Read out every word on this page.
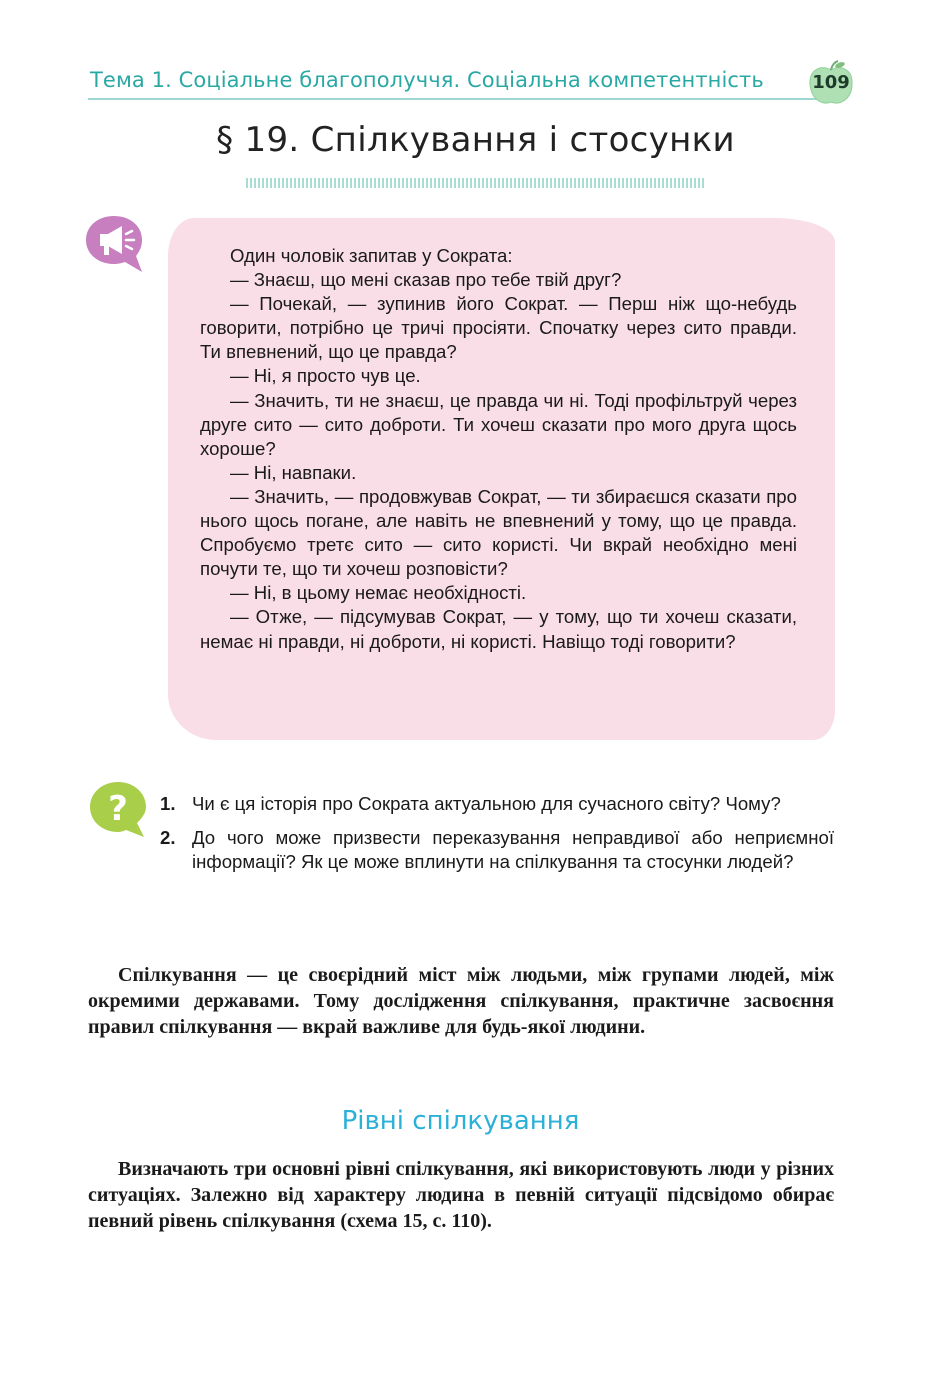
Тема 1. Соціальне благополуччя. Соціальна компетентність	109
§ 19. Спілкування і стосунки

Один чоловік запитав у Сократа:

— Знаєш, що мені сказав про тебе твій друг?

— Почекай, — зупинив його Сократ. — Перш ніж що-небудь говорити, потрібно це тричі просіяти. Спочатку через сито правди. Ти впевнений, що це правда?

— Ні, я просто чув це.

— Значить, ти не знаєш, це правда чи ні. Тоді профільтруй через друге сито — сито доброти. Ти хочеш сказати про мого друга щось хороше?

— Ні, навпаки.

— Значить, — продовжував Сократ, — ти збираєшся сказати про нього щось погане, але навіть не впевнений у тому, що це правда. Спробуємо третє сито — сито користі. Чи вкрай необхідно мені почути те, що ти хочеш розповісти?

— Ні, в цьому немає необхідності.

— Отже, — підсумував Сократ, — у тому, що ти хочеш сказати, немає ні правди, ні доброти, ні користі. Навіщо тоді говорити?

? 1. Чи є ця історія про Сократа актуальною для сучасного світу? Чому?
2. До чого може призвести переказування неправдивої або неприємної інформації? Як це може вплинути на спілкування та стосунки людей?

Спілкування — це своєрідний міст між людьми, між групами людей, між окремими державами. Тому дослідження спілкування, практичне засвоєння правил спілкування — вкрай важливе для будь-якої людини.

Рівні спілкування

Визначають три основні рівні спілкування, які використовують люди у різних ситуаціях. Залежно від характеру людина в певній ситуації підсвідомо обирає певний рівень спілкування (схема 15, с. 110).
